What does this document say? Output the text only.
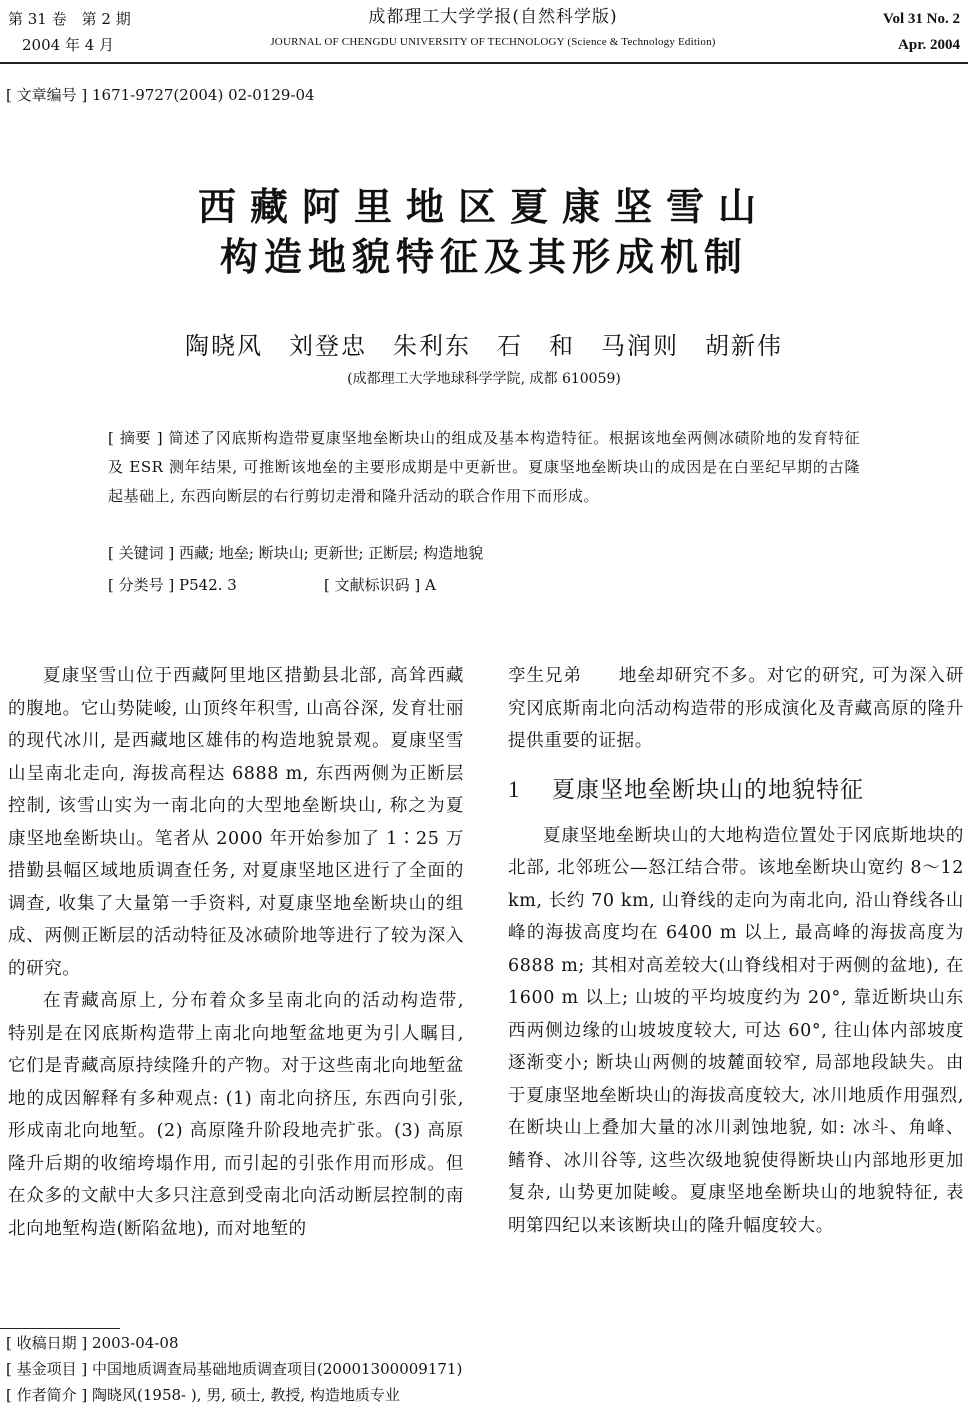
第 31 卷　第 2 期
2004 年 4 月
成都理工大学学报(自然科学版)
JOURNAL OF CHENGDU UNIVERSITY OF TECHNOLOGY (Science & Technology Edition)
Vol 31 No. 2
Apr. 2004
[ 文章编号 ] 1671-9727(2004) 02-0129-04
西藏阿里地区夏康坚雪山
构造地貌特征及其形成机制
陶晓风　刘登忠　朱利东　石　和　马润则　胡新伟
(成都理工大学地球科学学院, 成都 610059)
[ 摘要 ] 简述了冈底斯构造带夏康坚地垒断块山的组成及基本构造特征。根据该地垒两侧冰碛阶地的发育特征及 ESR 测年结果, 可推断该地垒的主要形成期是中更新世。夏康坚地垒断块山的成因是在白垩纪早期的古隆起基础上, 东西向断层的右行剪切走滑和隆升活动的联合作用下而形成。
[ 关键词 ] 西藏; 地垒; 断块山; 更新世; 正断层; 构造地貌
[ 分类号 ] P542. 3	[ 文献标识码 ] A

夏康坚雪山位于西藏阿里地区措勤县北部, 高耸西藏的腹地。它山势陡峻, 山顶终年积雪, 山高谷深, 发育壮丽的现代冰川, 是西藏地区雄伟的构造地貌景观。夏康坚雪山呈南北走向, 海拔高程达 6888 m, 东西两侧为正断层控制, 该雪山实为一南北向的大型地垒断块山, 称之为夏康坚地垒断块山。笔者从 2000 年开始参加了 1∶25 万措勤县幅区域地质调查任务, 对夏康坚地区进行了全面的调查, 收集了大量第一手资料, 对夏康坚地垒断块山的组成、两侧正断层的活动特征及冰碛阶地等进行了较为深入的研究。

在青藏高原上, 分布着众多呈南北向的活动构造带, 特别是在冈底斯构造带上南北向地堑盆地更为引人瞩目, 它们是青藏高原持续隆升的产物。对于这些南北向地堑盆地的成因解释有多种观点: (1) 南北向挤压, 东西向引张, 形成南北向地堑。(2) 高原隆升阶段地壳扩张。(3) 高原隆升后期的收缩垮塌作用, 而引起的引张作用而形成。但在众多的文献中大多只注意到受南北向活动断层控制的南北向地堑构造(断陷盆地), 而对地堑的

孪生兄弟　　地垒却研究不多。对它的研究, 可为深入研究冈底斯南北向活动构造带的形成演化及青藏高原的隆升提供重要的证据。

1 夏康坚地垒断块山的地貌特征

夏康坚地垒断块山的大地构造位置处于冈底斯地块的北部, 北邻班公—怒江结合带。该地垒断块山宽约 8～12 km, 长约 70 km, 山脊线的走向为南北向, 沿山脊线各山峰的海拔高度均在 6400 m 以上, 最高峰的海拔高度为 6888 m; 其相对高差较大(山脊线相对于两侧的盆地), 在 1600 m 以上; 山坡的平均坡度约为 20°, 靠近断块山东西两侧边缘的山坡坡度较大, 可达 60°, 往山体内部坡度逐渐变小; 断块山两侧的坡麓面较窄, 局部地段缺失。由于夏康坚地垒断块山的海拔高度较大, 冰川地质作用强烈, 在断块山上叠加大量的冰川剥蚀地貌, 如: 冰斗、角峰、鳍脊、冰川谷等, 这些次级地貌使得断块山内部地形更加复杂, 山势更加陡峻。夏康坚地垒断块山的地貌特征, 表明第四纪以来该断块山的隆升幅度较大。

[ 收稿日期 ] 2003-04-08
[ 基金项目 ] 中国地质调查局基础地质调查项目(20001300009171)
[ 作者简介 ] 陶晓风(1958- ), 男, 硕士, 教授, 构造地质专业
